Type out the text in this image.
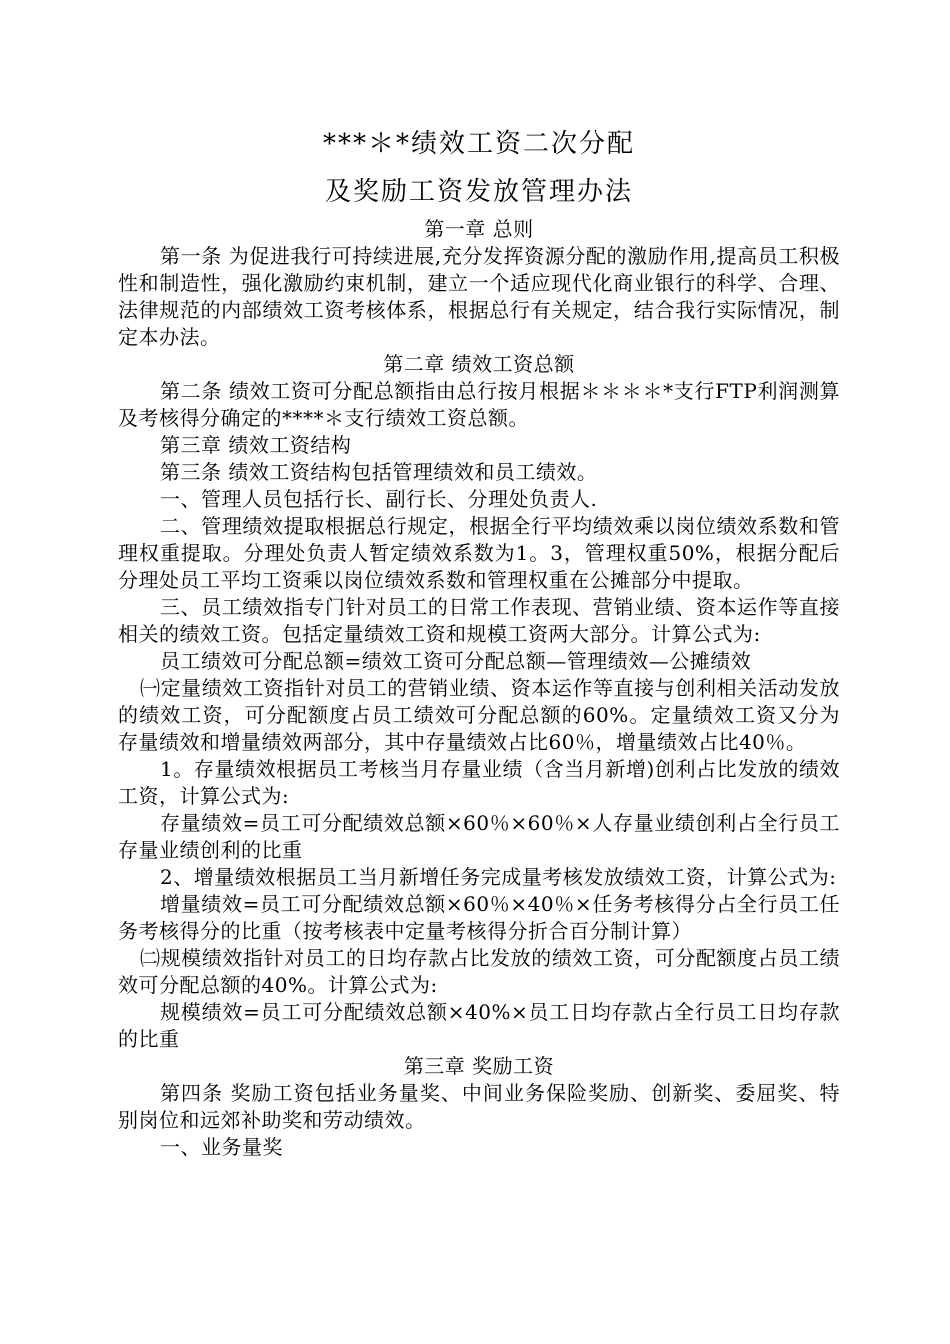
***＊*绩效工资二次分配
及奖励工资发放管理办法

第一章 总则

第一条 为促进我行可持续进展,充分发挥资源分配的激励作用,提高员工积极性和制造性，强化激励约束机制，建立一个适应现代化商业银行的科学、合理、法律规范的内部绩效工资考核体系，根据总行有关规定，结合我行实际情况，制定本办法。

第二章 绩效工资总额

第二条 绩效工资可分配总额指由总行按月根据＊＊＊＊*支行FTP利润测算及考核得分确定的****＊支行绩效工资总额。

第三章 绩效工资结构

第三条 绩效工资结构包括管理绩效和员工绩效。

一、管理人员包括行长、副行长、分理处负责人.

二、管理绩效提取根据总行规定，根据全行平均绩效乘以岗位绩效系数和管理权重提取。分理处负责人暂定绩效系数为1。3，管理权重50%，根据分配后分理处员工平均工资乘以岗位绩效系数和管理权重在公摊部分中提取。

三、员工绩效指专门针对员工的日常工作表现、营销业绩、资本运作等直接相关的绩效工资。包括定量绩效工资和规模工资两大部分。计算公式为:

员工绩效可分配总额=绩效工资可分配总额—管理绩效—公摊绩效

㈠定量绩效工资指针对员工的营销业绩、资本运作等直接与创利相关活动发放的绩效工资，可分配额度占员工绩效可分配总额的60%。定量绩效工资又分为存量绩效和增量绩效两部分，其中存量绩效占比60％，增量绩效占比40％。

1。存量绩效根据员工考核当月存量业绩（含当月新增)创利占比发放的绩效工资，计算公式为:

存量绩效=员工可分配绩效总额×60％×60％×人存量业绩创利占全行员工存量业绩创利的比重

2、增量绩效根据员工当月新增任务完成量考核发放绩效工资，计算公式为:

增量绩效=员工可分配绩效总额×60％×40％×任务考核得分占全行员工任务考核得分的比重（按考核表中定量考核得分折合百分制计算）

㈡规模绩效指针对员工的日均存款占比发放的绩效工资，可分配额度占员工绩效可分配总额的40%。计算公式为:

规模绩效=员工可分配绩效总额×40%×员工日均存款占全行员工日均存款的比重

第三章 奖励工资

第四条 奖励工资包括业务量奖、中间业务保险奖励、创新奖、委屈奖、特别岗位和远郊补助奖和劳动绩效。

一、业务量奖
